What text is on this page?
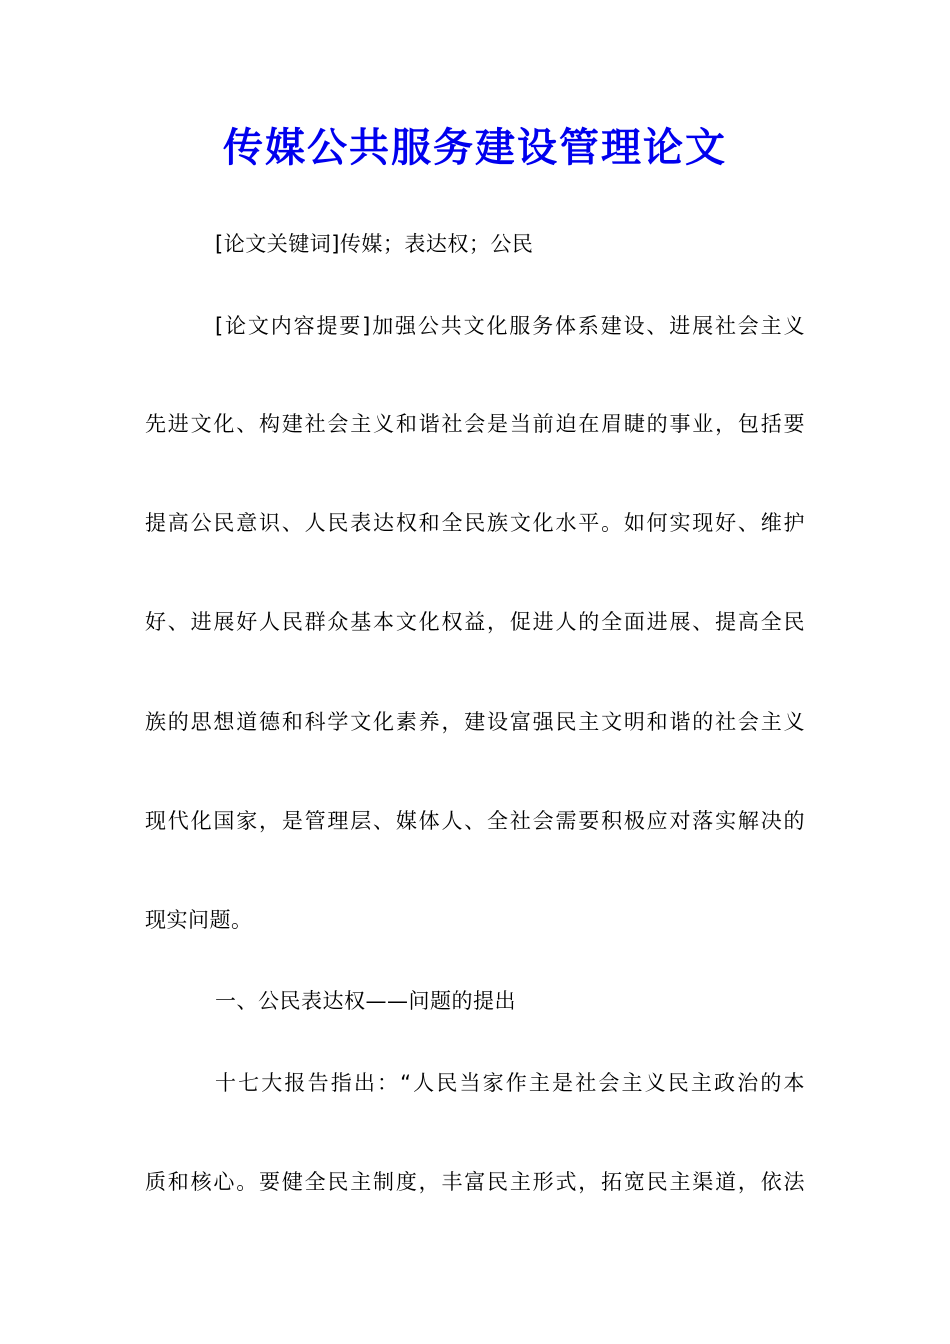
传媒公共服务建设管理论文
[论文关键词]传媒；表达权；公民
[论文内容提要]加强公共文化服务体系建设、进展社会主义
先进文化、构建社会主义和谐社会是当前迫在眉睫的事业，包括要
提高公民意识、人民表达权和全民族文化水平。如何实现好、维护
好、进展好人民群众基本文化权益，促进人的全面进展、提高全民
族的思想道德和科学文化素养，建设富强民主文明和谐的社会主义
现代化国家，是管理层、媒体人、全社会需要积极应对落实解决的
现实问题。
一、公民表达权——问题的提出
十七大报告指出：“人民当家作主是社会主义民主政治的本
质和核心。要健全民主制度，丰富民主形式，拓宽民主渠道，依法
